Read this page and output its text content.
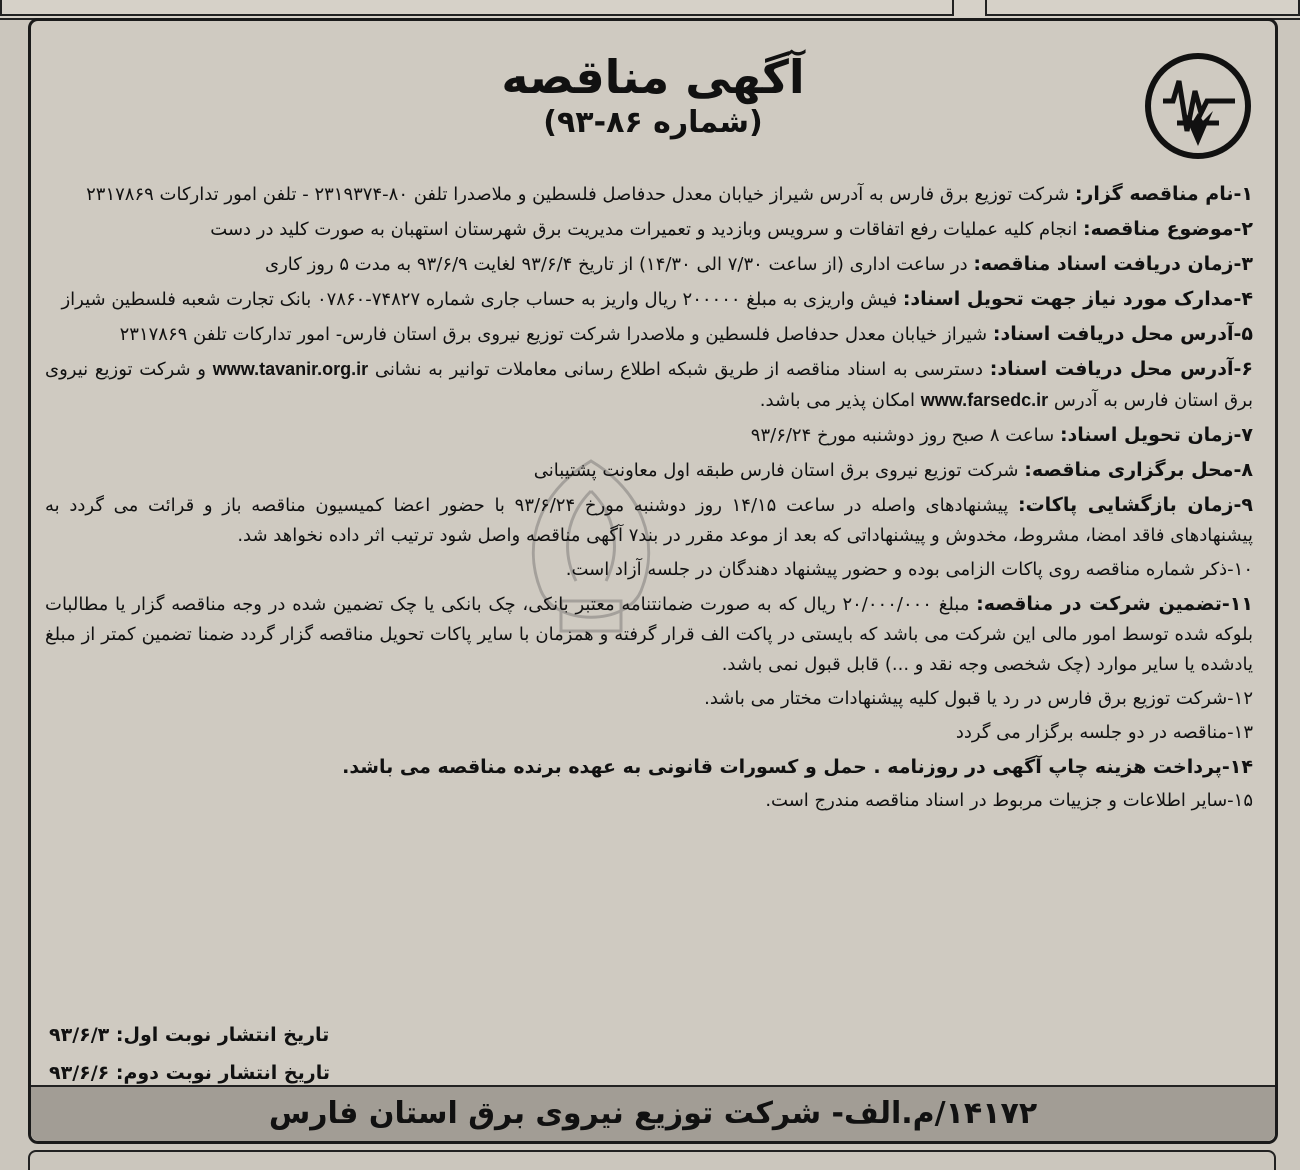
آگهی مناقصه
(شماره ۸۶-۹۳)
۱-نام مناقصه گزار: شرکت توزیع برق فارس به آدرس شیراز خیابان معدل حدفاصل فلسطین و ملاصدرا تلفن ۸۰-۲۳۱۹۳۷۴ - تلفن امور تدارکات ۲۳۱۷۸۶۹
۲-موضوع مناقصه: انجام کلیه عملیات رفع اتفاقات و سرویس وبازدید و تعمیرات مدیریت برق شهرستان استهبان به صورت کلید در دست
۳-زمان دریافت اسناد مناقصه: در ساعت اداری (از ساعت ۷/۳۰ الی ۱۴/۳۰) از تاریخ ۹۳/۶/۴ لغایت ۹۳/۶/۹ به مدت ۵ روز کاری
۴-مدارک مورد نیاز جهت تحویل اسناد: فیش واریزی به مبلغ ۲۰۰۰۰۰ ریال واریز به حساب جاری شماره ۷۴۸۲۷-۰۷۸۶۰ بانک تجارت شعبه فلسطین شیراز
۵-آدرس محل دریافت اسناد: شیراز خیابان معدل حدفاصل فلسطین و ملاصدرا شرکت توزیع نیروی برق استان فارس- امور تدارکات تلفن ۲۳۱۷۸۶۹
۶-آدرس محل دریافت اسناد: دسترسی به اسناد مناقصه از طریق شبکه اطلاع رسانی معاملات توانیر به نشانی www.tavanir.org.ir و شرکت توزیع نیروی برق استان فارس به آدرس www.farsedc.ir امکان پذیر می باشد.
۷-زمان تحویل اسناد: ساعت ۸ صبح روز دوشنبه مورخ ۹۳/۶/۲۴
۸-محل برگزاری مناقصه: شرکت توزیع نیروی برق استان فارس طبقه اول معاونت پشتیبانی
۹-زمان بازگشایی پاکات: پیشنهادهای واصله در ساعت ۱۴/۱۵ روز دوشنبه مورخ ۹۳/۶/۲۴ با حضور اعضا کمیسیون مناقصه باز و قرائت می گردد به پیشنهادهای فاقد امضا، مشروط، مخدوش و پیشنهاداتی که بعد از موعد مقرر در بند۷ آگهی مناقصه واصل شود ترتیب اثر داده نخواهد شد.
۱۰-ذکر شماره مناقصه روی پاکات الزامی بوده و حضور پیشنهاد دهندگان در جلسه آزاد است.
۱۱-تضمین شرکت در مناقصه: مبلغ ۲۰/۰۰۰/۰۰۰ ریال که به صورت ضمانتنامه معتبر بانکی، چک بانکی یا چک تضمین شده در وجه مناقصه گزار یا مطالبات بلوکه شده توسط امور مالی این شرکت می باشد که بایستی در پاکت الف قرار گرفته و همزمان با سایر پاکات تحویل مناقصه گزار گردد ضمنا تضمین کمتر از مبلغ یادشده یا سایر موارد (چک شخصی وجه نقد و ...) قابل قبول نمی باشد.
۱۲-شرکت توزیع برق فارس در رد یا قبول کلیه پیشنهادات مختار می باشد.
۱۳-مناقصه در دو جلسه برگزار می گردد
۱۴-پرداخت هزینه چاپ آگهی در روزنامه . حمل و کسورات قانونی به عهده برنده مناقصه می باشد.
۱۵-سایر اطلاعات و جزییات مربوط در اسناد مناقصه مندرج است.
تاریخ انتشار نوبت اول: ۹۳/۶/۳
تاریخ انتشار نوبت دوم: ۹۳/۶/۶
۱۴۱۷۲/م.الف- شرکت توزیع نیروی برق استان فارس
